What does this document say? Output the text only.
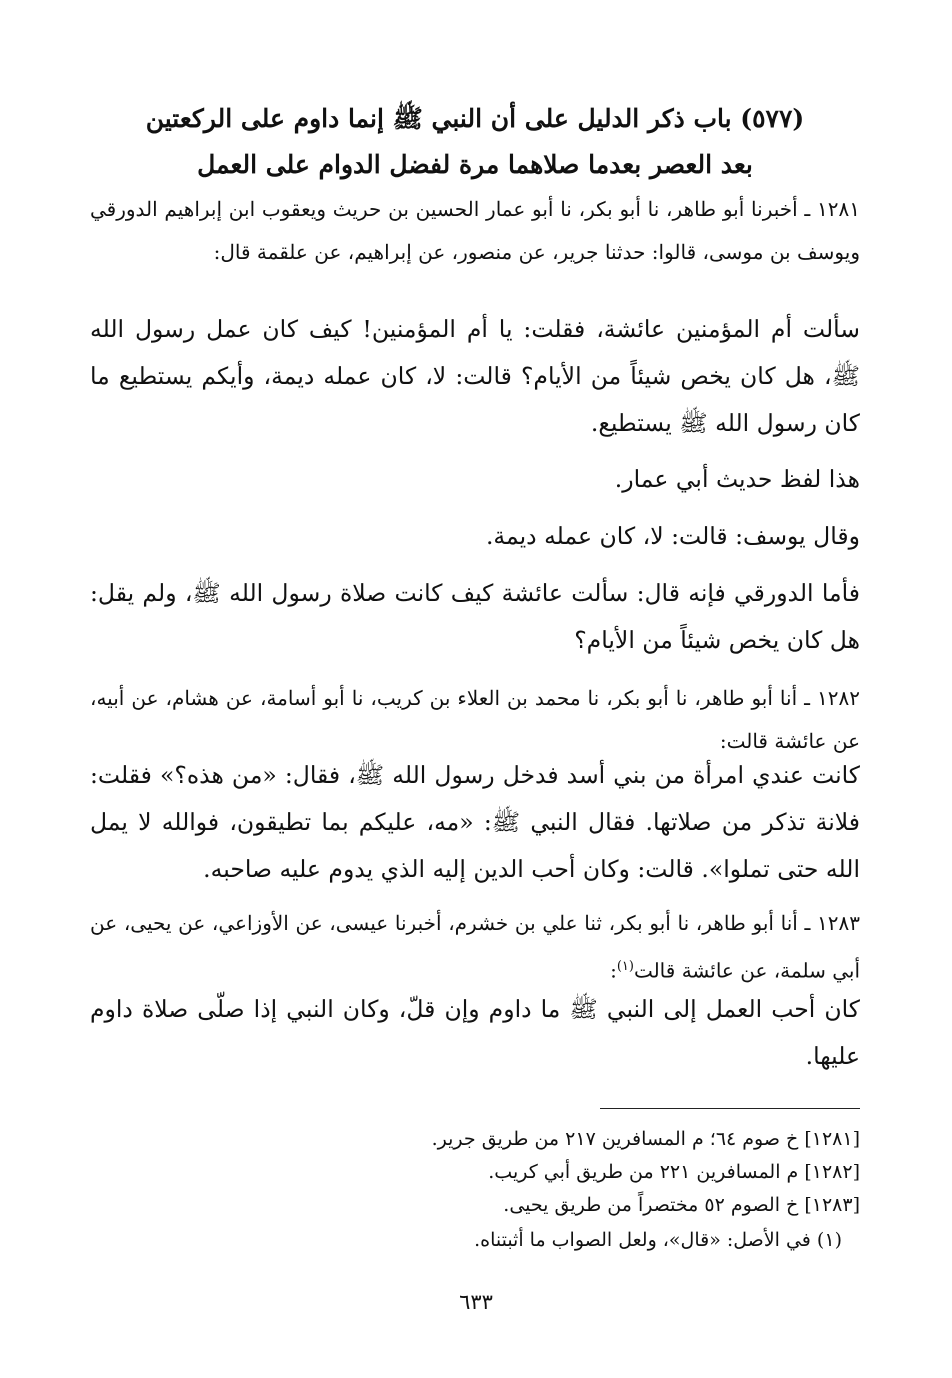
(٥٧٧) باب ذكر الدليل على أن النبي ﷺ إنما داوم على الركعتين
بعد العصر بعدما صلاهما مرة لفضل الدوام على العمل
١٢٨١ ـ أخبرنا أبو طاهر، نا أبو بكر، نا أبو عمار الحسين بن حريث ويعقوب ابن إبراهيم الدورقي ويوسف بن موسى، قالوا: حدثنا جرير، عن منصور، عن إبراهيم، عن علقمة قال:
سألت أم المؤمنين عائشة، فقلت: يا أم المؤمنين! كيف كان عمل رسول الله ﷺ، هل كان يخص شيئاً من الأيام؟ قالت: لا، كان عمله ديمة، وأيكم يستطيع ما كان رسول الله ﷺ يستطيع.
هذا لفظ حديث أبي عمار.
وقال يوسف: قالت: لا، كان عمله ديمة.
فأما الدورقي فإنه قال: سألت عائشة كيف كانت صلاة رسول الله ﷺ، ولم يقل: هل كان يخص شيئاً من الأيام؟
١٢٨٢ ـ أنا أبو طاهر، نا أبو بكر، نا محمد بن العلاء بن كريب، نا أبو أسامة، عن هشام، عن أبيه، عن عائشة قالت:
كانت عندي امرأة من بني أسد فدخل رسول الله ﷺ، فقال: «من هذه؟» فقلت: فلانة تذكر من صلاتها. فقال النبي ﷺ: «مه، عليكم بما تطيقون، فوالله لا يمل الله حتى تملوا». قالت: وكان أحب الدين إليه الذي يدوم عليه صاحبه.
١٢٨٣ ـ أنا أبو طاهر، نا أبو بكر، ثنا علي بن خشرم، أخبرنا عيسى، عن الأوزاعي، عن يحيى، عن أبي سلمة، عن عائشة قالت$^{(١)}$:
كان أحب العمل إلى النبي ﷺ ما داوم وإن قلّ، وكان النبي إذا صلّى صلاة داوم عليها.
[١٢٨١] خ صوم ٦٤؛ م المسافرين ٢١٧ من طريق جرير.
[١٢٨٢] م المسافرين ٢٢١ من طريق أبي كريب.
[١٢٨٣] خ الصوم ٥٢ مختصراً من طريق يحيى.
(١) في الأصل: «قال»، ولعل الصواب ما أثبتناه.
٦٣٣
